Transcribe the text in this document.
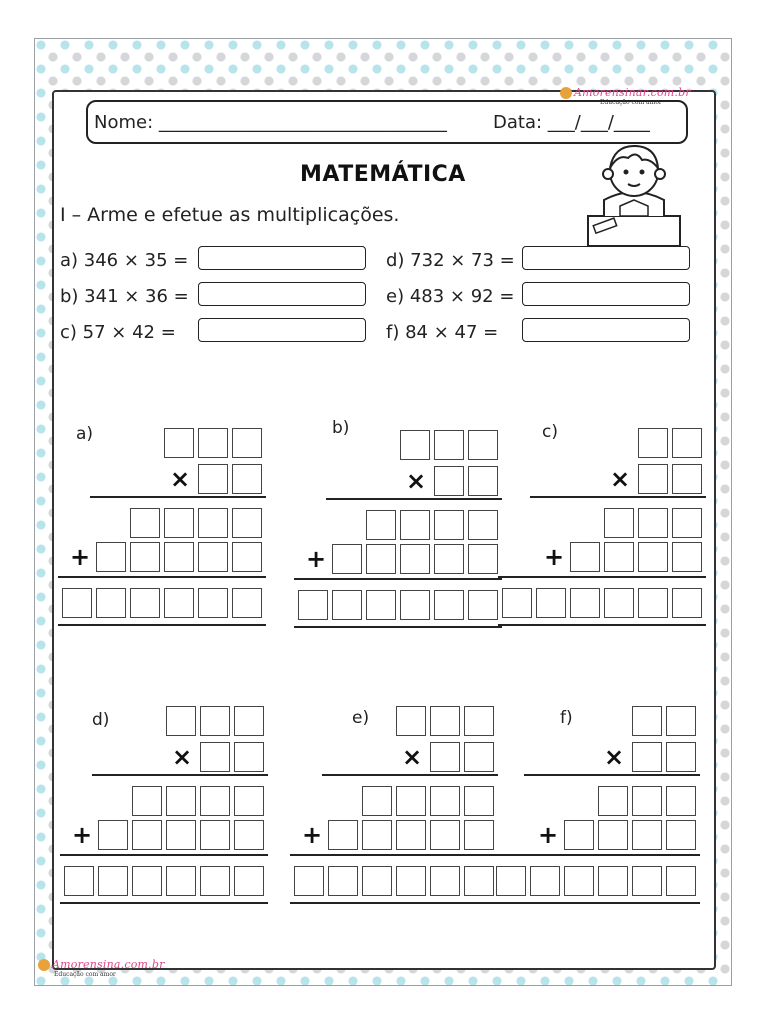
Amorensinar.com.br
Educação com amor
Nome: ________________________________	Data: ___/___/____
MATEMÁTICA
I – Arme e efetue as multiplicações.
a) 346 × 35 =
b) 341 × 36 =
c) 57 × 42 =
d) 732 × 73 =
e) 483 × 92 =
f) 84 × 47 =
a)
×
+
b)
×
+
c)
×
+
d)
×
+
e)
×
+
f)
×
+
Amorensina.com.br
Educação com amor
